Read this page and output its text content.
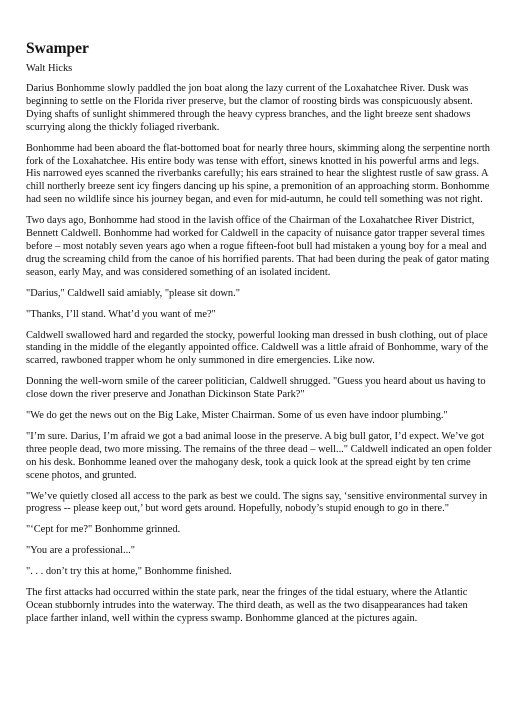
Swamper
Walt Hicks

Darius Bonhomme slowly paddled the jon boat along the lazy current of the Loxahatchee River. Dusk was beginning to settle on the Florida river preserve, but the clamor of roosting birds was conspicuously absent. Dying shafts of sunlight shimmered through the heavy cypress branches, and the light breeze sent shadows scurrying along the thickly foliaged riverbank.

Bonhomme had been aboard the flat-bottomed boat for nearly three hours, skimming along the serpentine north fork of the Loxahatchee. His entire body was tense with effort, sinews knotted in his powerful arms and legs. His narrowed eyes scanned the riverbanks carefully; his ears strained to hear the slightest rustle of saw grass. A chill northerly breeze sent icy fingers dancing up his spine, a premonition of an approaching storm. Bonhomme had seen no wildlife since his journey began, and even for mid-autumn, he could tell something was not right.

Two days ago, Bonhomme had stood in the lavish office of the Chairman of the Loxahatchee River District, Bennett Caldwell. Bonhomme had worked for Caldwell in the capacity of nuisance gator trapper several times before – most notably seven years ago when a rogue fifteen-foot bull had mistaken a young boy for a meal and drug the screaming child from the canoe of his horrified parents. That had been during the peak of gator mating season, early May, and was considered something of an isolated incident.

"Darius," Caldwell said amiably, "please sit down."

"Thanks, I’ll stand. What’d you want of me?"

Caldwell swallowed hard and regarded the stocky, powerful looking man dressed in bush clothing, out of place standing in the middle of the elegantly appointed office. Caldwell was a little afraid of Bonhomme, wary of the scarred, rawboned trapper whom he only summoned in dire emergencies. Like now.

Donning the well-worn smile of the career politician, Caldwell shrugged. "Guess you heard about us having to close down the river preserve and Jonathan Dickinson State Park?"

"We do get the news out on the Big Lake, Mister Chairman. Some of us even have indoor plumbing."

"I’m sure. Darius, I’m afraid we got a bad animal loose in the preserve. A big bull gator, I’d expect. We’ve got three people dead, two more missing. The remains of the three dead – well..." Caldwell indicated an open folder on his desk. Bonhomme leaned over the mahogany desk, took a quick look at the spread eight by ten crime scene photos, and grunted.

"We’ve quietly closed all access to the park as best we could. The signs say, ‘sensitive environmental survey in progress -- please keep out,’ but word gets around. Hopefully, nobody’s stupid enough to go in there."

"‘Cept for me?" Bonhomme grinned.

"You are a professional..."

". . . don’t try this at home," Bonhomme finished.

The first attacks had occurred within the state park, near the fringes of the tidal estuary, where the Atlantic Ocean stubbornly intrudes into the waterway. The third death, as well as the two disappearances had taken place farther inland, well within the cypress swamp. Bonhomme glanced at the pictures again.
